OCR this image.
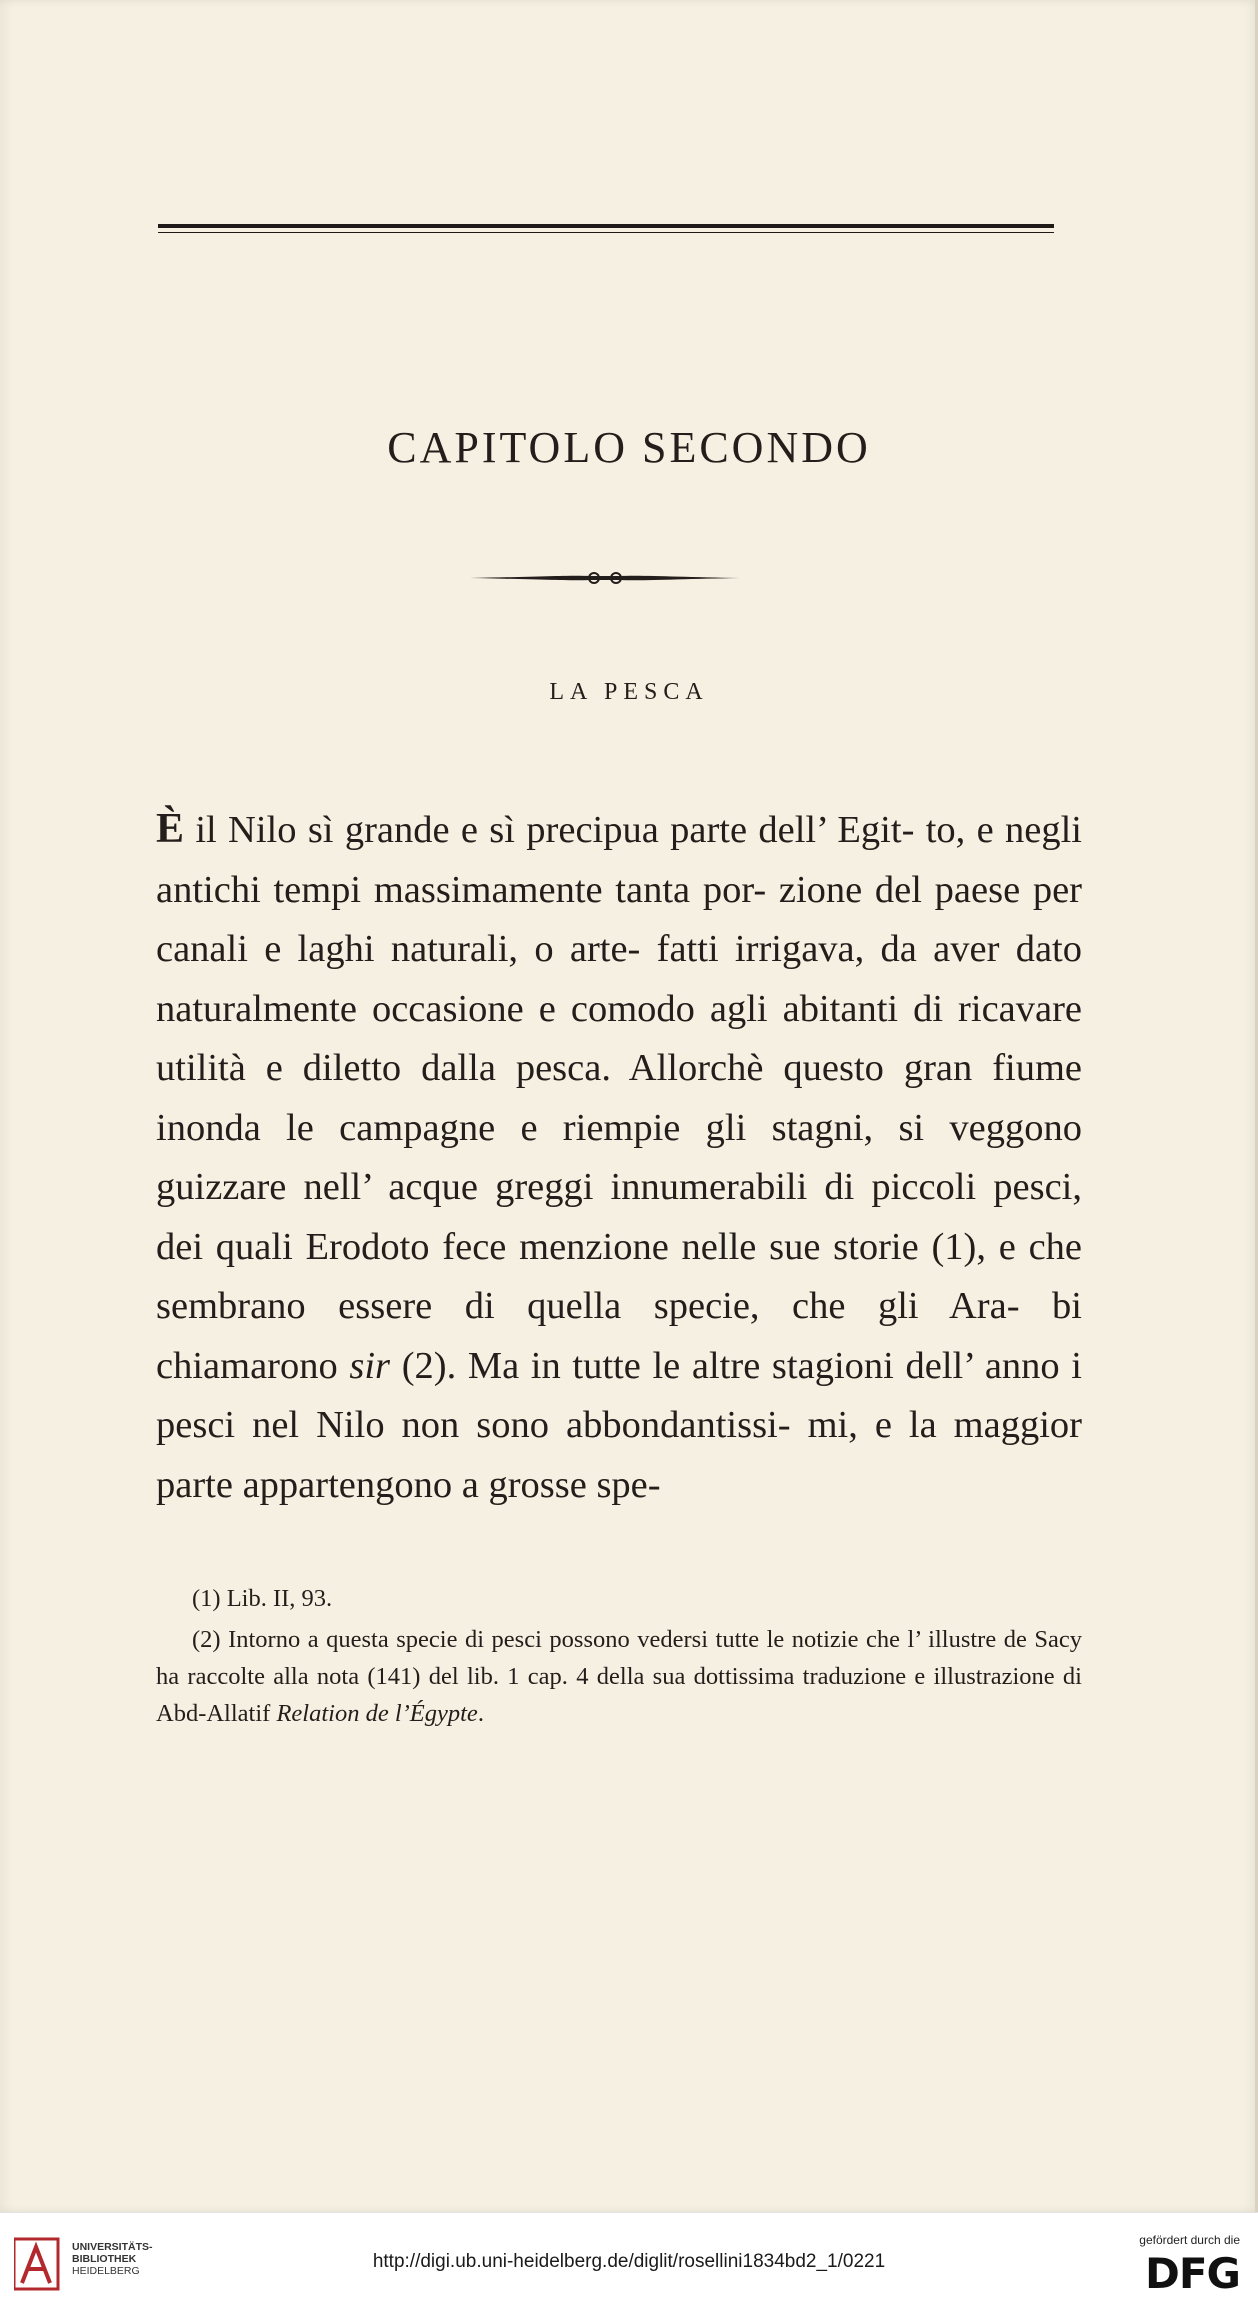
CAPITOLO SECONDO
LA PESCA

È il Nilo sì grande e sì precipua parte dell’ Egit- to, e negli antichi tempi massimamente tanta por- zione del paese per canali e laghi naturali, o arte- fatti irrigava, da aver dato naturalmente occasione e comodo agli abitanti di ricavare utilità e diletto dalla pesca. Allorchè questo gran fiume inonda le campagne e riempie gli stagni, si veggono guizzare nell’ acque greggi innumerabili di piccoli pesci, dei quali Erodoto fece menzione nelle sue storie (1), e che sembrano essere di quella specie, che gli Ara- bi chiamarono sir (2). Ma in tutte le altre stagioni dell’ anno i pesci nel Nilo non sono abbondantissi- mi, e la maggior parte appartengono a grosse spe-

(1) Lib. II, 93.

(2) Intorno a questa specie di pesci possono vedersi tutte le notizie che l’ illustre de Sacy ha raccolte alla nota (141) del lib. 1 cap. 4 della sua dottissima traduzione e illustrazione di Abd-Allatif Relation de l’Égypte.

UNIVERSITÄTS-
BIBLIOTHEK
HEIDELBERG	http://digi.ub.uni-heidelberg.de/diglit/rosellini1834bd2_1/0221
gefördert durch die
DFG
